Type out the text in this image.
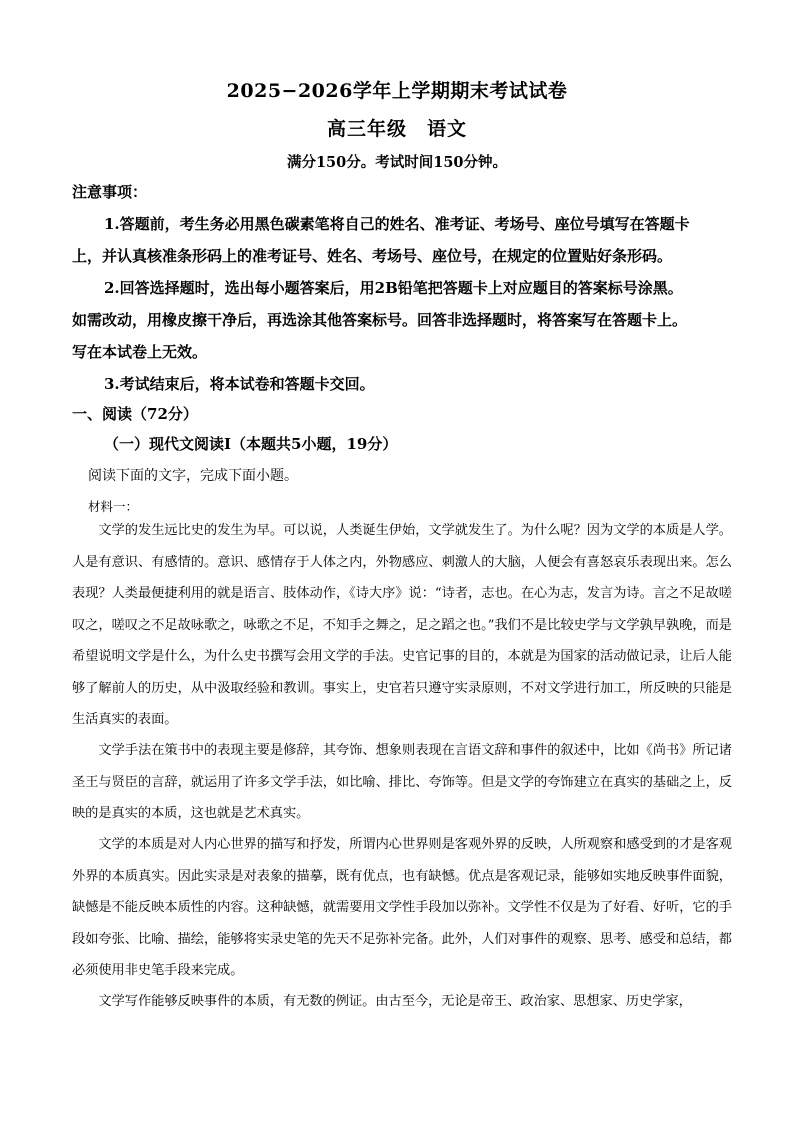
2025−2026学年上学期期末考试试卷
高三年级　语文
满分150分。考试时间150分钟。
注意事项：
1.答题前，考生务必用黑色碳素笔将自己的姓名、准考证、考场号、座位号填写在答题卡
上，并认真核准条形码上的准考证号、姓名、考场号、座位号，在规定的位置贴好条形码。
2.回答选择题时，选出每小题答案后，用2B铅笔把答题卡上对应题目的答案标号涂黑。
如需改动，用橡皮擦干净后，再选涂其他答案标号。回答非选择题时，将答案写在答题卡上。
写在本试卷上无效。
3.考试结束后，将本试卷和答题卡交回。
一、阅读（72分）
（一）现代文阅读Ⅰ（本题共5小题，19分）
阅读下面的文字，完成下面小题。
材料一：

文学的发生远比史的发生为早。可以说，人类诞生伊始，文学就发生了。为什么呢？因为文学的本质是人学。人是有意识、有感情的。意识、感情存于人体之内，外物感应、刺激人的大脑，人便会有喜怒哀乐表现出来。怎么表现？人类最便捷利用的就是语言、肢体动作，《诗大序》说：“诗者，志也。在心为志，发言为诗。言之不足故嗟叹之，嗟叹之不足故咏歌之，咏歌之不足，不知手之舞之，足之蹈之也。”我们不是比较史学与文学孰早孰晚，而是希望说明文学是什么，为什么史书撰写会用文学的手法。史官记事的目的，本就是为国家的活动做记录，让后人能够了解前人的历史，从中汲取经验和教训。事实上，史官若只遵守实录原则，不对文学进行加工，所反映的只能是生活真实的表面。

文学手法在策书中的表现主要是修辞，其夸饰、想象则表现在言语文辞和事件的叙述中，比如《尚书》所记诸圣王与贤臣的言辞，就运用了许多文学手法，如比喻、排比、夸饰等。但是文学的夸饰建立在真实的基础之上，反映的是真实的本质，这也就是艺术真实。

文学的本质是对人内心世界的描写和抒发，所谓内心世界则是客观外界的反映，人所观察和感受到的才是客观外界的本质真实。因此实录是对表象的描摹，既有优点，也有缺憾。优点是客观记录，能够如实地反映事件面貌，缺憾是不能反映本质性的内容。这种缺憾，就需要用文学性手段加以弥补。文学性不仅是为了好看、好听，它的手段如夸张、比喻、描绘，能够将实录史笔的先天不足弥补完备。此外，人们对事件的观察、思考、感受和总结，都必须使用非史笔手段来完成。

文学写作能够反映事件的本质，有无数的例证。由古至今，无论是帝王、政治家、思想家、历史学家，
